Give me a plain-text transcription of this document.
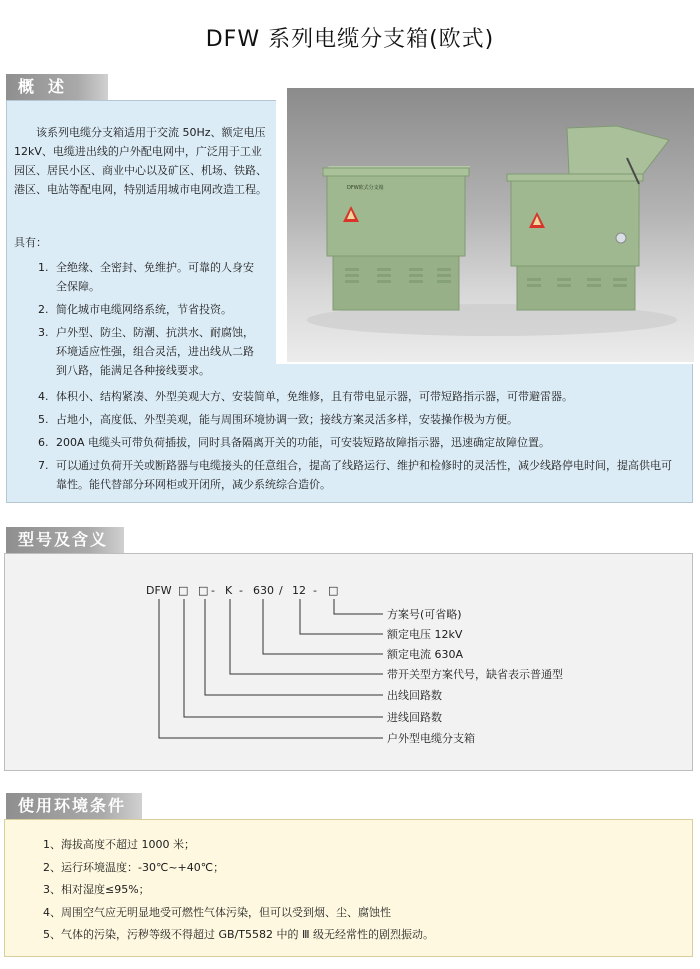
DFW 系列电缆分支箱(欧式)
DFW欧式分支箱
概述
该系列电缆分支箱适用于交流 50Hz、额定电压 12kV、电缆进出线的户外配电网中，广泛用于工业园区、居民小区、商业中心以及矿区、机场、铁路、港区、电站等配电网，特别适用城市电网改造工程。
具有：
1. 全绝缘、全密封、免维护。可靠的人身安全保障。
2. 简化城市电缆网络系统，节省投资。
3. 户外型、防尘、防潮、抗洪水、耐腐蚀，环境适应性强，组合灵活，进出线从二路到八路，能满足各种接线要求。
4. 体积小、结构紧凑、外型美观大方、安装简单，免维修，且有带电显示器，可带短路指示器，可带避雷器。
5. 占地小，高度低、外型美观，能与周围环境协调一致；接线方案灵活多样，安装操作极为方便。
6. 200A 电缆头可带负荷插拔，同时具备隔离开关的功能，可安装短路故障指示器，迅速确定故障位置。
7. 可以通过负荷开关或断路器与电缆接头的任意组合，提高了线路运行、维护和检修时的灵活性，减少线路停电时间，提高供电可靠性。能代替部分环网柜或开闭所，减少系统综合造价。
型号及含义
DFW □ □ - K - 630 / 12 - □
方案号(可省略)
额定电压 12kV
额定电流 630A
带开关型方案代号，缺省表示普通型
出线回路数
进线回路数
户外型电缆分支箱
使用环境条件
1、海拔高度不超过 1000 米；
2、运行环境温度：-30℃~+40℃；
3、相对湿度≤95%；
4、周围空气应无明显地受可燃性气体污染，但可以受到烟、尘、腐蚀性
5、气体的污染，污秽等级不得超过 GB/T5582 中的 Ⅲ 级无经常性的剧烈振动。
